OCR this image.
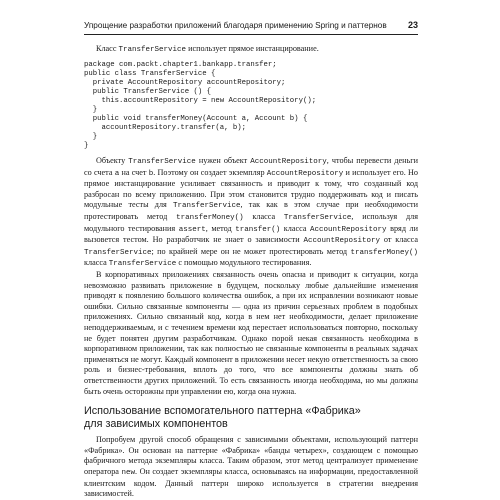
Упрощение разработки приложений благодаря применению Spring и паттернов 23

Класс TransferService использует прямое инстанцирование.

package com.packt.chapter1.bankapp.transfer;
public class TransferService {
private AccountRepository accountRepository;
public TransferService () {
this.accountRepository = new AccountRepository();
}
public void transferMoney(Account a, Account b) {
accountRepository.transfer(a, b);
}
}

Объекту TransferService нужен объект AccountRepository, чтобы перевести деньги со счета a на счет b. Поэтому он создает экземпляр AccountRepository и использует его. Но прямое инстанцирование усиливает связанность и приводит к тому, что созданный код разбросан по всему приложению. При этом становится трудно поддерживать код и писать модульные тесты для TransferService, так как в этом случае при необходимости протестировать метод transferMoney() класса TransferService, используя для модульного тестирования assert, метод transfer() класса AccountRepository вряд ли вызовется тестом. Но разработчик не знает о зависимости AccountRepository от класса TransferService; по крайней мере он не может протестировать метод transferMoney() класса TransferService с помощью модульного тестирования.

В корпоративных приложениях связанность очень опасна и приводит к ситуации, когда невозможно развивать приложение в будущем, поскольку любые дальнейшие изменения приводят к появлению большого количества ошибок, а при их исправлении возникают новые ошибки. Сильно связанные компоненты — одна из причин серьезных проблем в подобных приложениях. Сильно связанный код, когда в нем нет необходимости, делает приложение неподдерживаемым, и с течением времени код перестает использоваться повторно, поскольку не будет понятен другим разработчикам. Однако порой некая связанность необходима в корпоративном приложении, так как полностью не связанные компоненты в реальных задачах применяться не могут. Каждый компонент в приложении несет некую ответственность за свою роль и бизнес-требования, вплоть до того, что все компоненты должны знать об ответственности других приложений. То есть связанность иногда необходима, но мы должны быть очень осторожны при управлении ею, когда она нужна.

Использование вспомогательного паттерна «Фабрика»
для зависимых компонентов

Попробуем другой способ обращения с зависимыми объектами, использующий паттерн «Фабрика». Он основан на паттерне «Фабрика» «банды четырех», создающем с помощью фабричного метода экземпляры класса. Таким образом, этот метод централизует применение оператора new. Он создает экземпляры класса, основываясь на информации, предоставленной клиентским кодом. Данный паттерн широко используется в стратегии внедрения зависимостей.
